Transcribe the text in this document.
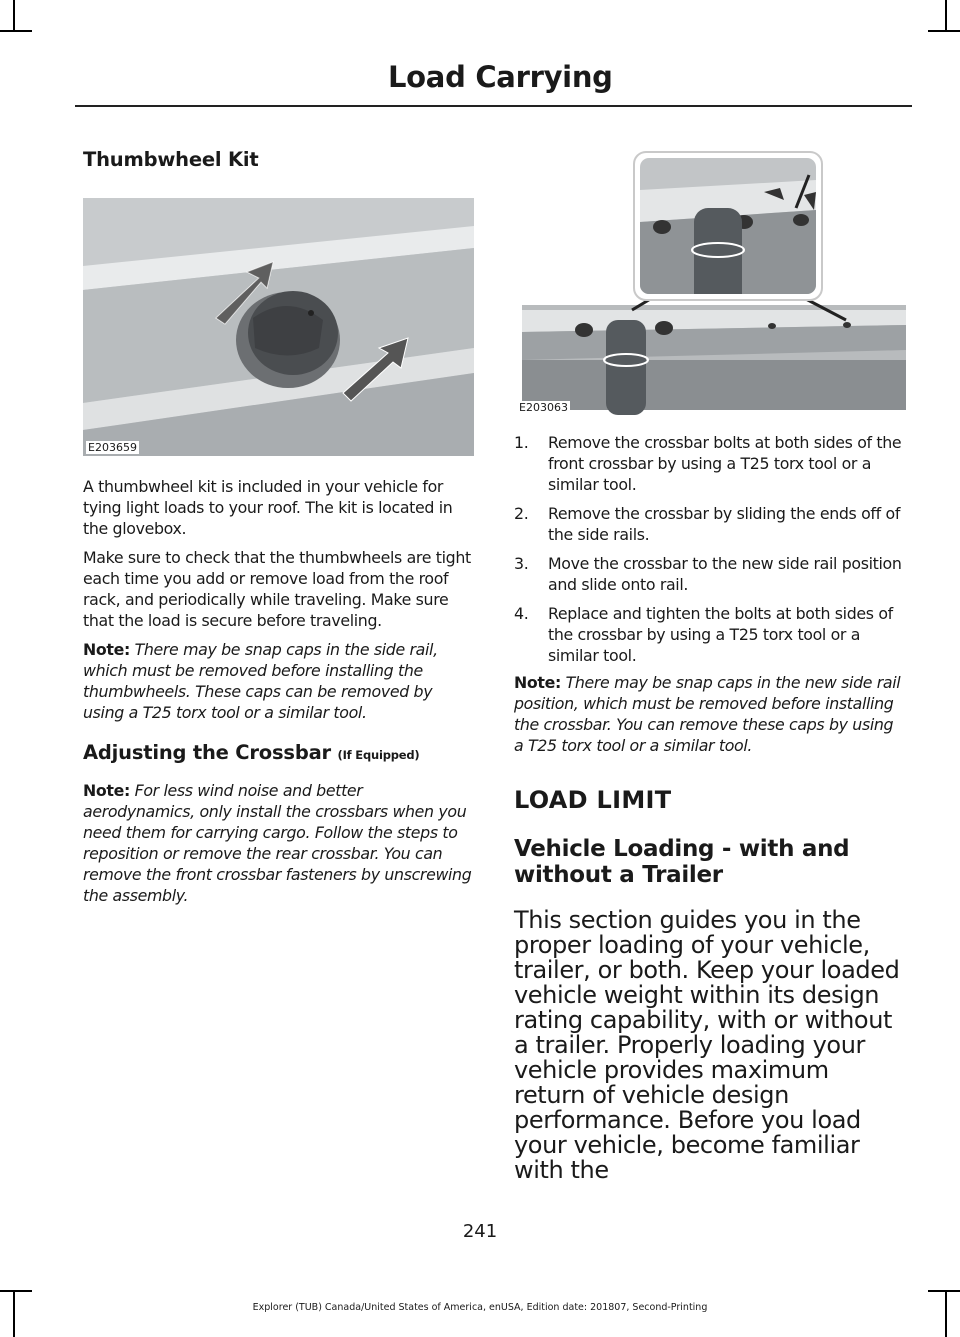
Load Carrying
Thumbwheel Kit
E203659

A thumbwheel kit is included in your vehicle for tying light loads to your roof. The kit is located in the glovebox.

Make sure to check that the thumbwheels are tight each time you add or remove load from the roof rack, and periodically while traveling. Make sure that the load is secure before traveling.

Note: There may be snap caps in the side rail, which must be removed before installing the thumbwheels. These caps can be removed by using a T25 torx tool or a similar tool.

Adjusting the Crossbar (If Equipped)

Note: For less wind noise and better aerodynamics, only install the crossbars when you need them for carrying cargo. Follow the steps to reposition or remove the rear crossbar. You can remove the front crossbar fasteners by unscrewing the assembly.

E203063
1. Remove the crossbar bolts at both sides of the front crossbar by using a T25 torx tool or a similar tool.
2. Remove the crossbar by sliding the ends off of the side rails.
3. Move the crossbar to the new side rail position and slide onto rail.
4. Replace and tighten the bolts at both sides of the crossbar by using a T25 torx tool or a similar tool.

Note: There may be snap caps in the new side rail position, which must be removed before installing the crossbar. You can remove these caps by using a T25 torx tool or a similar tool.

LOAD LIMIT
Vehicle Loading - with and without a Trailer

This section guides you in the proper loading of your vehicle, trailer, or both. Keep your loaded vehicle weight within its design rating capability, with or without a trailer. Properly loading your vehicle provides maximum return of vehicle design performance. Before you load your vehicle, become familiar with the

241
Explorer (TUB) Canada/United States of America, enUSA, Edition date: 201807, Second-Printing
